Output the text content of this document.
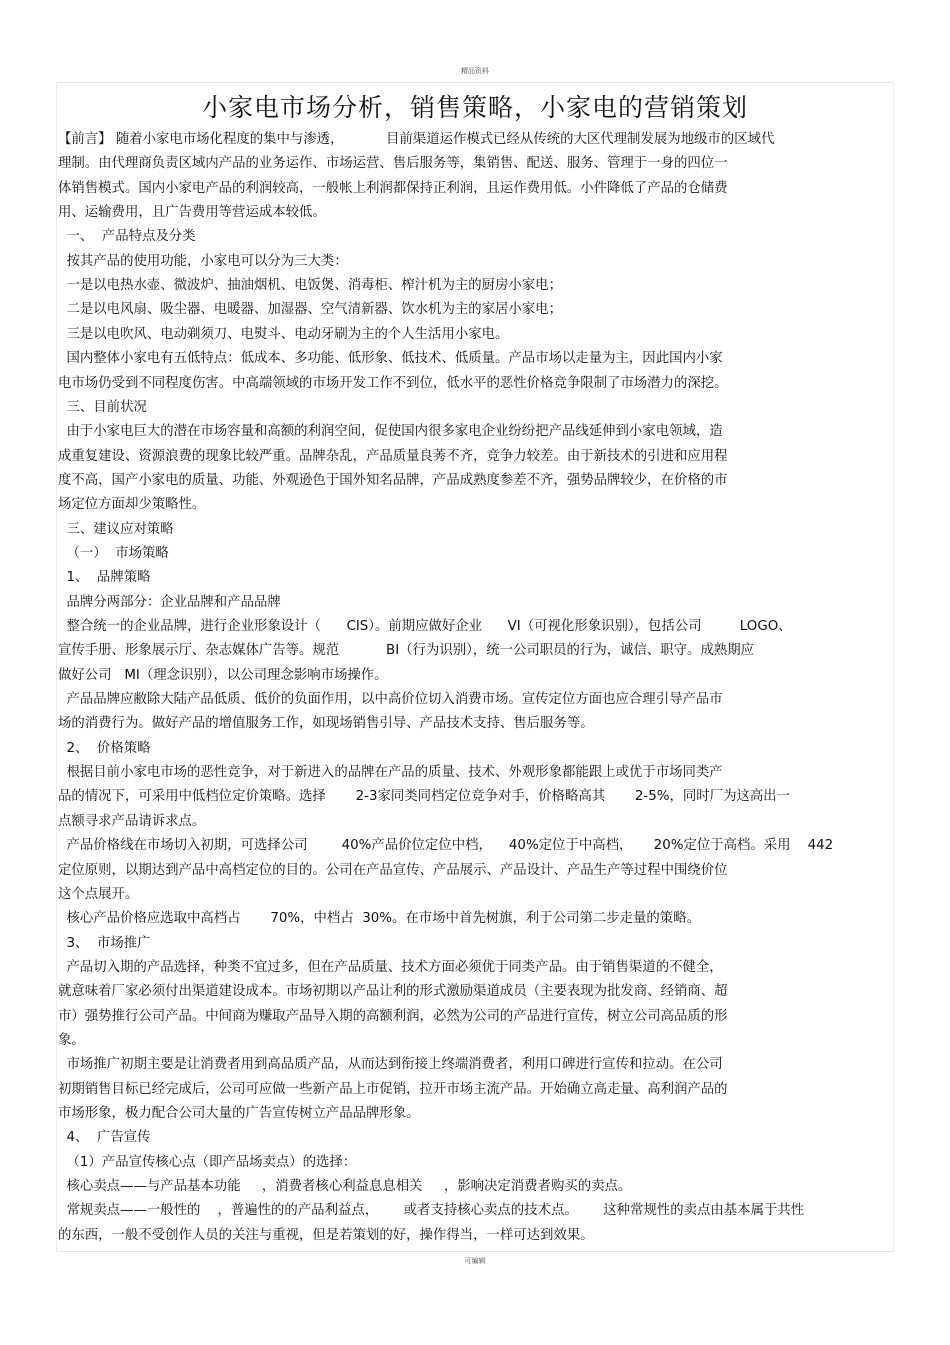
精品资料
小家电市场分析，销售策略，小家电的营销策划
【前言】 随着小家电市场化程度的集中与渗透，          目前渠道运作模式已经从传统的大区代理制发展为地级市的区域代
理制。由代理商负责区域内产品的业务运作、市场运营、售后服务等，集销售、配送、服务、管理于一身的四位一
体销售模式。国内小家电产品的利润较高，一般帐上利润都保持正利润，且运作费用低。小件降低了产品的仓储费
用、运输费用，且广告费用等营运成本较低。
一、  产品特点及分类
按其产品的使用功能，小家电可以分为三大类：
一是以电热水壶、微波炉、抽油烟机、电饭煲、消毒柜、榨汁机为主的厨房小家电；
二是以电风扇、吸尘器、电暖器、加湿器、空气清新器、饮水机为主的家居小家电；
三是以电吹风、电动剃须刀、电熨斗、电动牙刷为主的个人生活用小家电。
国内整体小家电有五低特点：低成本、多功能、低形象、低技术、低质量。产品市场以走量为主，因此国内小家
电市场仍受到不同程度伤害。中高端领域的市场开发工作不到位，低水平的恶性价格竞争限制了市场潜力的深挖。
三、目前状况
由于小家电巨大的潜在市场容量和高额的利润空间，促使国内很多家电企业纷纷把产品线延伸到小家电领域，造
成重复建设、资源浪费的现象比较严重。品牌杂乱，产品质量良莠不齐，竞争力较差。由于新技术的引进和应用程
度不高，国产小家电的质量、功能、外观逊色于国外知名品牌，产品成熟度参差不齐，强势品牌较少，在价格的市
场定位方面却少策略性。
三、建议应对策略
（一）  市场策略
1、  品牌策略
品牌分两部分：企业品牌和产品品牌
整合统一的企业品牌，进行企业形象设计（      CIS）。前期应做好企业      VI（可视化形象识别），包括公司         LOGO、
宣传手册、形象展示厅、杂志媒体广告等。规范           BI（行为识别），统一公司职员的行为，诚信、职守。成熟期应
做好公司   MI（理念识别），以公司理念影响市场操作。
产品品牌应敝除大陆产品低质、低价的负面作用，以中高价位切入消费市场。宣传定位方面也应合理引导产品市
场的消费行为。做好产品的增值服务工作，如现场销售引导、产品技术支持、售后服务等。
2、  价格策略
根据目前小家电市场的恶性竞争，对于新进入的品牌在产品的质量、技术、外观形象都能跟上或优于市场同类产
品的情况下，可采用中低档位定价策略。选择       2-3家同类同档定位竞争对手，价格略高其       2-5%，同时厂为这高出一
点额寻求产品请诉求点。
产品价格线在市场切入初期，可选择公司        40%产品价位定位中档，    40%定位于中高档，     20%定位于高档。采用    442
定位原则，以期达到产品中高档定位的目的。公司在产品宣传、产品展示、产品设计、产品生产等过程中围绕价位
这个点展开。
核心产品价格应选取中高档占       70%，中档占  30%。在市场中首先树旗，利于公司第二步走量的策略。
3、  市场推广
产品切入期的产品选择，种类不宜过多，但在产品质量、技术方面必须优于同类产品。由于销售渠道的不健全，
就意味着厂家必须付出渠道建设成本。市场初期以产品让利的形式激励渠道成员（主要表现为批发商、经销商、超
市）强势推行公司产品。中间商为赚取产品导入期的高额利润，必然为公司的产品进行宣传，树立公司高品质的形
象。
市场推广初期主要是让消费者用到高品质产品，从而达到衔接上终端消费者，利用口碑进行宣传和拉动。在公司
初期销售目标已经完成后，公司可应做一些新产品上市促销，拉开市场主流产品。开始确立高走量、高利润产品的
市场形象，极力配合公司大量的广告宣传树立产品品牌形象。
4、  广告宣传
（1）产品宣传核心点（即产品场卖点）的选择：
核心卖点——与产品基本功能     ，消费者核心利益息息相关     ，影响决定消费者购买的卖点。
常规卖点——一般性的    ，普遍性的的产品利益点，      或者支持核心卖点的技术点。      这种常规性的卖点由基本属于共性
的东西，一般不受创作人员的关注与重视，但是若策划的好，操作得当，一样可达到效果。
可编辑
